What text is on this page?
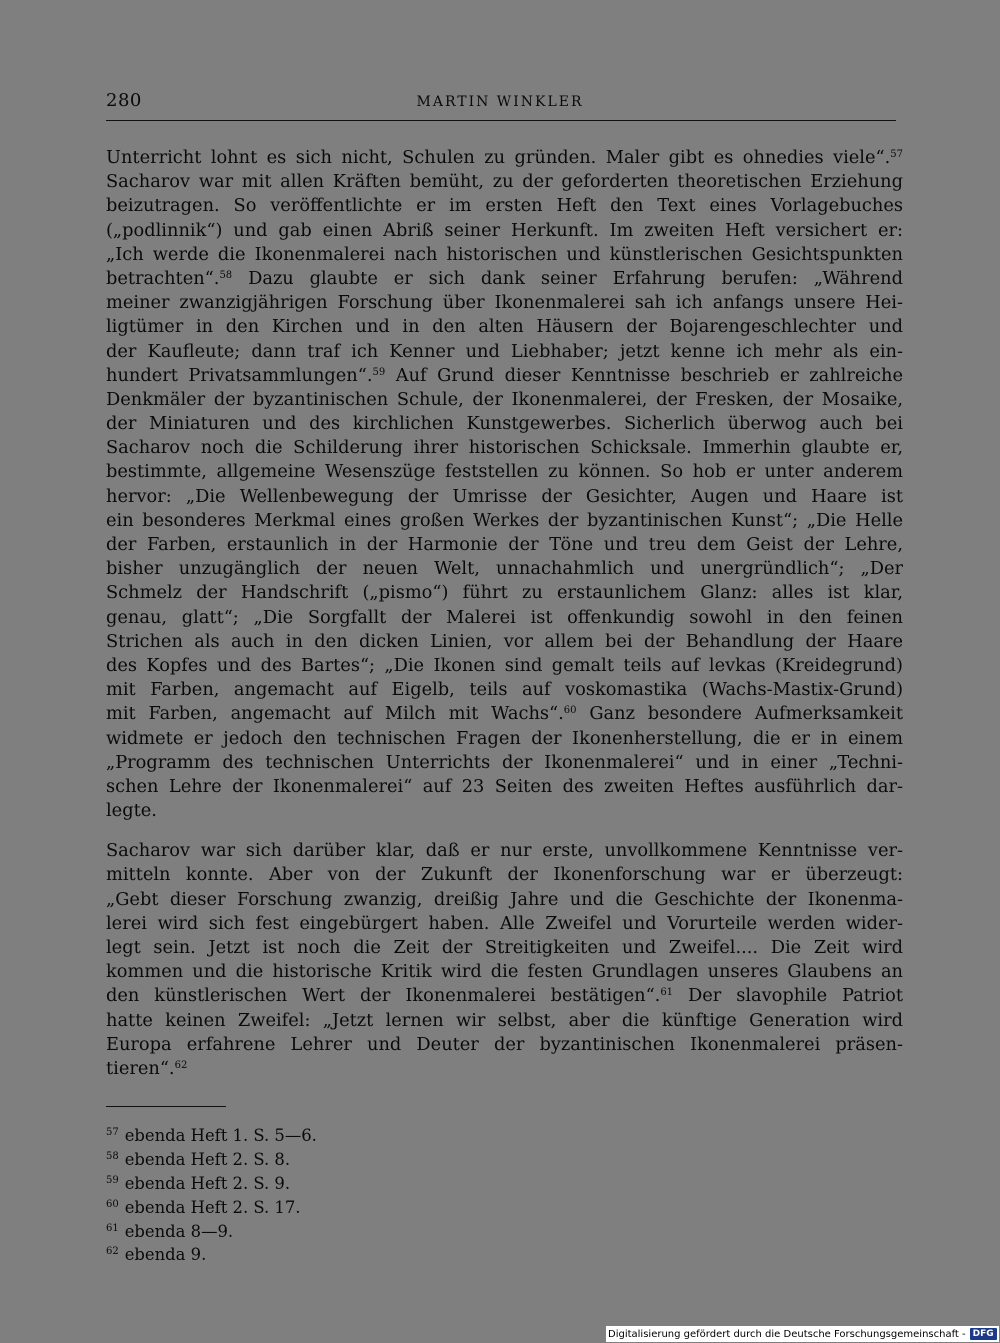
280	MARTIN WINKLER
Unterricht lohnt es sich nicht, Schulen zu gründen. Maler gibt es ohnedies viele“.$^{57}$
Sacharov war mit allen Kräften bemüht, zu der geforderten theoretischen Erziehung
beizutragen. So veröffentlichte er im ersten Heft den Text eines Vorlagebuches
(„podlinnik“) und gab einen Abriß seiner Herkunft. Im zweiten Heft versichert er:
„Ich werde die Ikonenmalerei nach historischen und künstlerischen Gesichtspunkten
betrachten“.$^{58}$ Dazu glaubte er sich dank seiner Erfahrung berufen: „Während
meiner zwanzigjährigen Forschung über Ikonenmalerei sah ich anfangs unsere Hei-
ligtümer in den Kirchen und in den alten Häusern der Bojarengeschlechter und
der Kaufleute; dann traf ich Kenner und Liebhaber; jetzt kenne ich mehr als ein-
hundert Privatsammlungen“.$^{59}$ Auf Grund dieser Kenntnisse beschrieb er zahlreiche
Denkmäler der byzantinischen Schule, der Ikonenmalerei, der Fresken, der Mosaike,
der Miniaturen und des kirchlichen Kunstgewerbes. Sicherlich überwog auch bei
Sacharov noch die Schilderung ihrer historischen Schicksale. Immerhin glaubte er,
bestimmte, allgemeine Wesenszüge feststellen zu können. So hob er unter anderem
hervor: „Die Wellenbewegung der Umrisse der Gesichter, Augen und Haare ist
ein besonderes Merkmal eines großen Werkes der byzantinischen Kunst“; „Die Helle
der Farben, erstaunlich in der Harmonie der Töne und treu dem Geist der Lehre,
bisher unzugänglich der neuen Welt, unnachahmlich und unergründlich“; „Der
Schmelz der Handschrift („pismo“) führt zu erstaunlichem Glanz: alles ist klar,
genau, glatt“; „Die Sorgfallt der Malerei ist offenkundig sowohl in den feinen
Strichen als auch in den dicken Linien, vor allem bei der Behandlung der Haare
des Kopfes und des Bartes“; „Die Ikonen sind gemalt teils auf levkas (Kreidegrund)
mit Farben, angemacht auf Eigelb, teils auf voskomastika (Wachs-Mastix-Grund)
mit Farben, angemacht auf Milch mit Wachs“.$^{60}$ Ganz besondere Aufmerksamkeit
widmete er jedoch den technischen Fragen der Ikonenherstellung, die er in einem
„Programm des technischen Unterrichts der Ikonenmalerei“ und in einer „Techni-
schen Lehre der Ikonenmalerei“ auf 23 Seiten des zweiten Heftes ausführlich dar-
legte.
Sacharov war sich darüber klar, daß er nur erste, unvollkommene Kenntnisse ver-
mitteln konnte. Aber von der Zukunft der Ikonenforschung war er überzeugt:
„Gebt dieser Forschung zwanzig, dreißig Jahre und die Geschichte der Ikonenma-
lerei wird sich fest eingebürgert haben. Alle Zweifel und Vorurteile werden wider-
legt sein. Jetzt ist noch die Zeit der Streitigkeiten und Zweifel.... Die Zeit wird
kommen und die historische Kritik wird die festen Grundlagen unseres Glaubens an
den künstlerischen Wert der Ikonenmalerei bestätigen“.$^{61}$ Der slavophile Patriot
hatte keinen Zweifel: „Jetzt lernen wir selbst, aber die künftige Generation wird
Europa erfahrene Lehrer und Deuter der byzantinischen Ikonenmalerei präsen-
tieren“.$^{62}$
$^{57}$ ebenda Heft 1. S. 5—6.
$^{58}$ ebenda Heft 2. S. 8.
$^{59}$ ebenda Heft 2. S. 9.
$^{60}$ ebenda Heft 2. S. 17.
$^{61}$ ebenda 8—9.
$^{62}$ ebenda 9.
Digitalisierung gefördert durch die Deutsche Forschungsgemeinschaft - DFG
